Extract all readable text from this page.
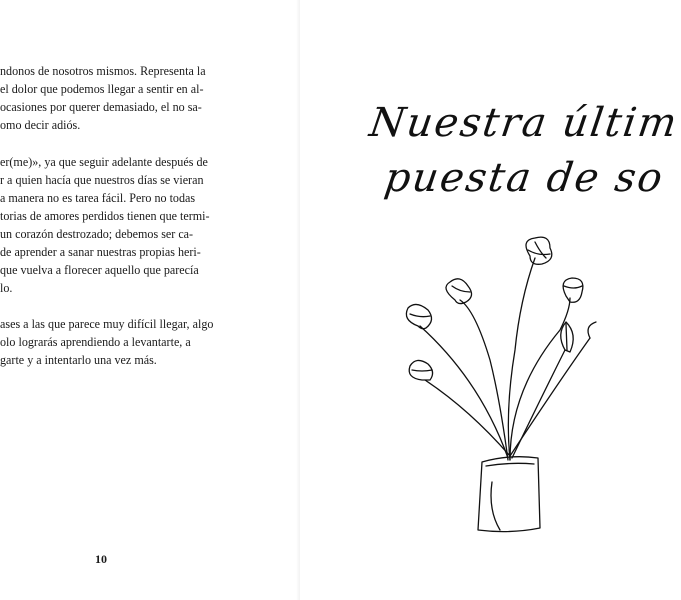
ndonos de nosotros mismos. Representa la
el dolor que podemos llegar a sentir en al-
ocasiones por querer demasiado, el no sa-
omo decir adiós.
er(me)», ya que seguir adelante después de
r a quien hacía que nuestros días se vieran
a manera no es tarea fácil. Pero no todas
torias de amores perdidos tienen que termi-
un corazón destrozado; debemos ser ca-
de aprender a sanar nuestras propias heri-
que vuelva a florecer aquello que parecía
lo.
ases a las que parece muy difícil llegar, algo
olo lograrás aprendiendo a levantarte, a
garte y a intentarlo una vez más.
10
Nuestra últim
puesta de so
